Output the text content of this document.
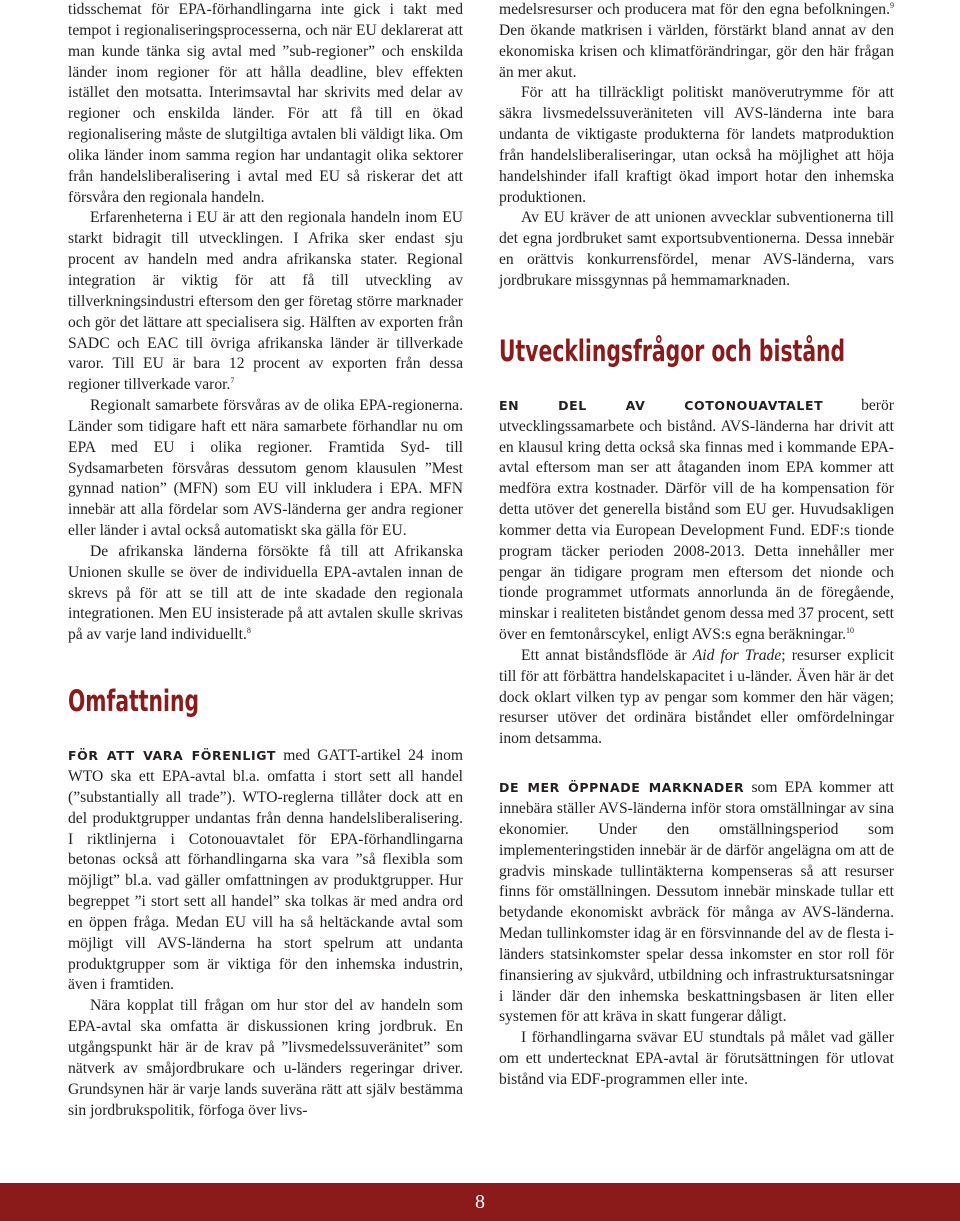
tidsschemat för EPA-förhandlingarna inte gick i takt med tempot i regionaliseringsprocesserna, och när EU deklarerat att man kunde tänka sig avtal med ”sub-regioner” och enskilda länder inom regioner för att hålla deadline, blev effekten istället den motsatta. Interimsavtal har skrivits med delar av regioner och enskilda länder. För att få till en ökad regionalisering måste de slutgiltiga avtalen bli väldigt lika. Om olika länder inom samma region har undantagit olika sektorer från handelsliberalisering i avtal med EU så riskerar det att försvåra den regionala handeln.

Erfarenheterna i EU är att den regionala handeln inom EU starkt bidragit till utvecklingen. I Afrika sker endast sju procent av handeln med andra afrikanska stater. Regional integration är viktig för att få till utveckling av tillverkningsindustri eftersom den ger företag större marknader och gör det lättare att specialisera sig. Hälften av exporten från SADC och EAC till övriga afrikanska länder är tillverkade varor. Till EU är bara 12 procent av exporten från dessa regioner tillverkade varor.$^7$

Regionalt samarbete försvåras av de olika EPA-regionerna. Länder som tidigare haft ett nära samarbete förhandlar nu om EPA med EU i olika regioner. Framtida Syd- till Sydsamarbeten försvåras dessutom genom klausulen ”Mest gynnad nation” (MFN) som EU vill inkludera i EPA. MFN innebär att alla fördelar som AVS-länderna ger andra regioner eller länder i avtal också automatiskt ska gälla för EU.

De afrikanska länderna försökte få till att Afrikanska Unionen skulle se över de individuella EPA-avtalen innan de skrevs på för att se till att de inte skadade den regionala integrationen. Men EU insisterade på att avtalen skulle skrivas på av varje land individuellt.$^8$

Omfattning

FÖR ATT VARA FÖRENLIGT med GATT-artikel 24 inom WTO ska ett EPA-avtal bl.a. omfatta i stort sett all handel (”substantially all trade”). WTO-reglerna tillåter dock att en del produktgrupper undantas från denna handelsliberalisering. I riktlinjerna i Cotonouavtalet för EPA-förhandlingarna betonas också att förhandlingarna ska vara ”så flexibla som möjligt” bl.a. vad gäller omfattningen av produktgrupper. Hur begreppet ”i stort sett all handel” ska tolkas är med andra ord en öppen fråga. Medan EU vill ha så heltäckande avtal som möjligt vill AVS-länderna ha stort spelrum att undanta produktgrupper som är viktiga för den inhemska industrin, även i framtiden.

Nära kopplat till frågan om hur stor del av handeln som EPA-avtal ska omfatta är diskussionen kring jordbruk. En utgångspunkt här är de krav på ”livsmedelssuveränitet” som nätverk av småjordbrukare och u-länders regeringar driver. Grundsynen här är varje lands suveräna rätt att själv bestämma sin jordbrukspolitik, förfoga över livs-

medelsresurser och producera mat för den egna befolkningen.$^9$ Den ökande matkrisen i världen, förstärkt bland annat av den ekonomiska krisen och klimatförändringar, gör den här frågan än mer akut.

För att ha tillräckligt politiskt manöverutrymme för att säkra livsmedelssuveräniteten vill AVS-länderna inte bara undanta de viktigaste produkterna för landets matproduktion från handelsliberaliseringar, utan också ha möjlighet att höja handelshinder ifall kraftigt ökad import hotar den inhemska produktionen.

Av EU kräver de att unionen avvecklar subventionerna till det egna jordbruket samt exportsubventionerna. Dessa innebär en orättvis konkurrensfördel, menar AVS-länderna, vars jordbrukare missgynnas på hemmamarknaden.

Utvecklingsfrågor och bistånd

EN DEL AV COTONOUAVTALET berör utvecklingssamarbete och bistånd. AVS-länderna har drivit att en klausul kring detta också ska finnas med i kommande EPA-avtal eftersom man ser att åtaganden inom EPA kommer att medföra extra kostnader. Därför vill de ha kompensation för detta utöver det generella bistånd som EU ger. Huvudsakligen kommer detta via European Development Fund. EDF:s tionde program täcker perioden 2008-2013. Detta innehåller mer pengar än tidigare program men eftersom det nionde och tionde programmet utformats annorlunda än de föregående, minskar i realiteten biståndet genom dessa med 37 procent, sett över en femtonårscykel, enligt AVS:s egna beräkningar.$^{10}$

Ett annat biståndsflöde är Aid for Trade; resurser explicit till för att förbättra handelskapacitet i u-länder. Även här är det dock oklart vilken typ av pengar som kommer den här vägen; resurser utöver det ordinära biståndet eller omfördelningar inom detsamma.

DE MER ÖPPNADE MARKNADER som EPA kommer att innebära ställer AVS-länderna inför stora omställningar av sina ekonomier. Under den omställningsperiod som implementeringstiden innebär är de därför angelägna om att de gradvis minskade tullintäkterna kompenseras så att resurser finns för omställningen. Dessutom innebär minskade tullar ett betydande ekonomiskt avbräck för många av AVS-länderna. Medan tullinkomster idag är en försvinnande del av de flesta i-länders statsinkomster spelar dessa inkomster en stor roll för finansiering av sjukvård, utbildning och infrastruktursatsningar i länder där den inhemska beskattningsbasen är liten eller systemen för att kräva in skatt fungerar dåligt.

I förhandlingarna svävar EU stundtals på målet vad gäller om ett undertecknat EPA-avtal är förutsättningen för utlovat bistånd via EDF-programmen eller inte.

8
